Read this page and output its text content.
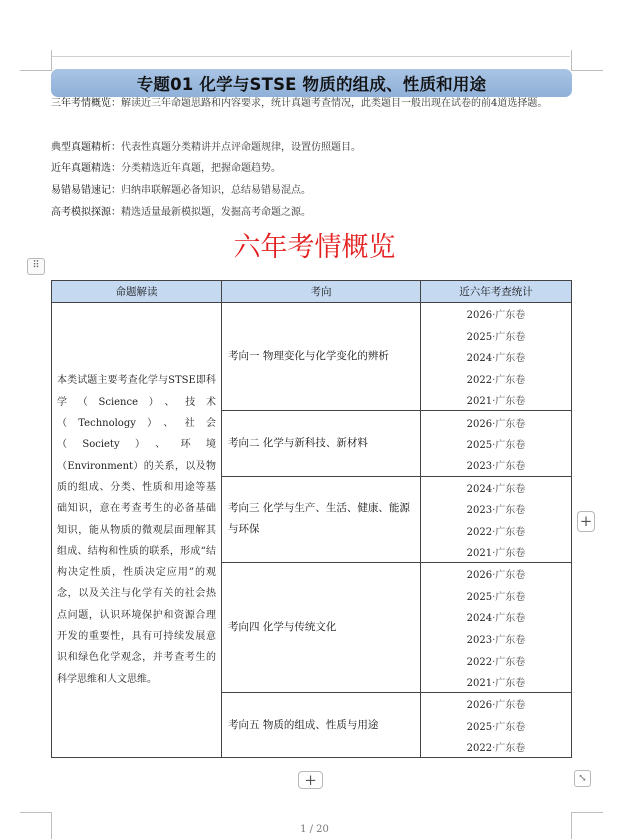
专题01 化学与STSE 物质的组成、性质和用途
三年考情概览：解读近三年命题思路和内容要求，统计真题考查情况，此类题目一般出现在试卷的前4道选择题。
典型真题精析：代表性真题分类精讲并点评命题规律，设置仿照题目。
近年真题精选：分类精选近年真题，把握命题趋势。
易错易错速记：归纳串联解题必备知识，总结易错易混点。
高考模拟探源：精选适量最新模拟题，发掘高考命题之源。
六年考情概览
⠿
命题解读	考向	近六年考查统计
本类试题主要考查化学与STSE即科学（Science）、技术（Technology）、社会（Society）、环境（Environment）的关系，以及物质的组成、分类、性质和用途等基础知识，意在考查考生的必备基础知识，能从物质的微观层面理解其组成、结构和性质的联系，形成“结构决定性质，性质决定应用”的观念，以及关注与化学有关的社会热点问题，认识环境保护和资源合理开发的重要性，具有可持续发展意识和绿色化学观念，并考查考生的科学思维和人文思维。	考向一 物理变化与化学变化的辨析	2026·广东卷
		2025·广东卷
		2024·广东卷
		2022·广东卷
		2021·广东卷
	考向二 化学与新科技、新材料	2026·广东卷
		2025·广东卷
		2023·广东卷
	考向三 化学与生产、生活、健康、能源与环保	2024·广东卷
		2023·广东卷
		2022·广东卷
		2021·广东卷
	考向四 化学与传统文化	2026·广东卷
		2025·广东卷
		2024·广东卷
		2023·广东卷
		2022·广东卷
		2021·广东卷
	考向五 物质的组成、性质与用途	2026·广东卷
		2025·广东卷
		2022·广东卷
+
+	⤡
1 / 20
